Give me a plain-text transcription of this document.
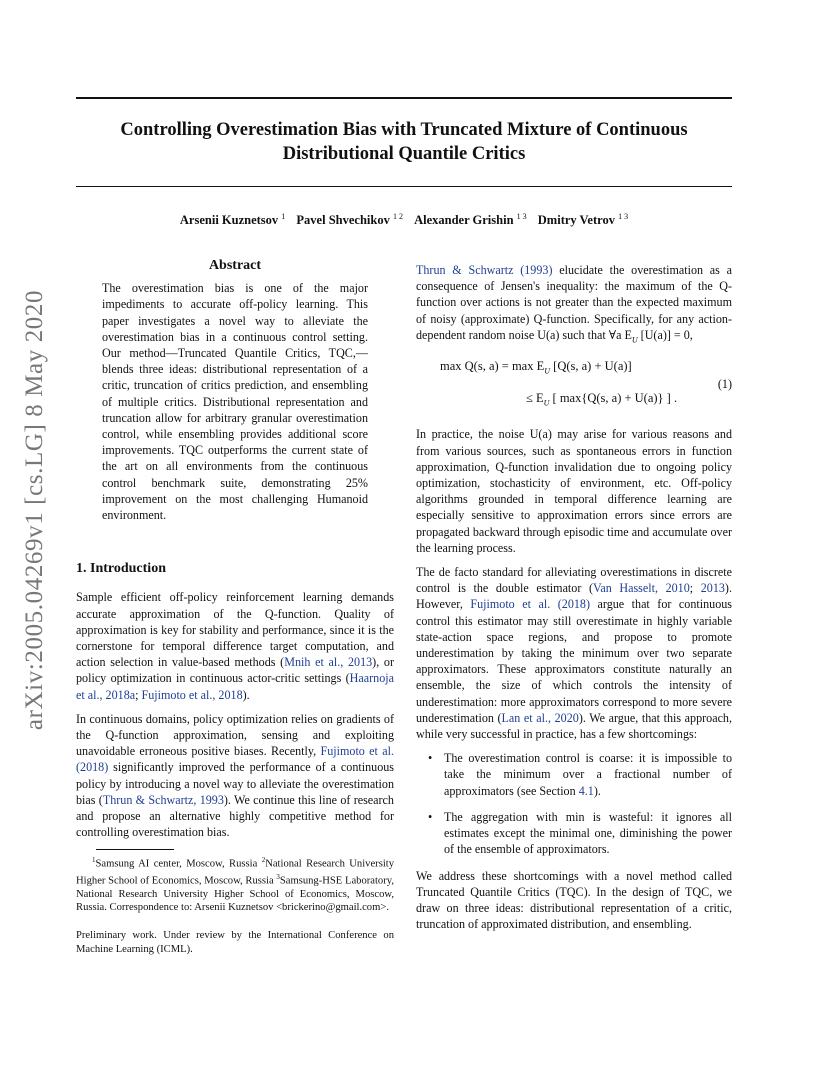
Controlling Overestimation Bias with Truncated Mixture of Continuous
Distributional Quantile Critics
Arsenii Kuznetsov $^1$ Pavel Shvechikov $^{1 2}$ Alexander Grishin $^{1 3}$ Dmitry Vetrov $^{1 3}$
arXiv:2005.04269v1 [cs.LG] 8 May 2020
Abstract

The overestimation bias is one of the major impediments to accurate off-policy learning. This paper investigates a novel way to alleviate the overestimation bias in a continuous control setting. Our method—Truncated Quantile Critics, TQC,—blends three ideas: distributional representation of a critic, truncation of critics prediction, and ensembling of multiple critics. Distributional representation and truncation allow for arbitrary granular overestimation control, while ensembling provides additional score improvements. TQC outperforms the current state of the art on all environments from the continuous control benchmark suite, demonstrating 25% improvement on the most challenging Humanoid environment.

1. Introduction

Sample efficient off-policy reinforcement learning demands accurate approximation of the Q-function. Quality of approximation is key for stability and performance, since it is the cornerstone for temporal difference target computation, and action selection in value-based methods (Mnih et al., 2013), or policy optimization in continuous actor-critic settings (Haarnoja et al., 2018a; Fujimoto et al., 2018).

In continuous domains, policy optimization relies on gradients of the Q-function approximation, sensing and exploiting unavoidable erroneous positive biases. Recently, Fujimoto et al. (2018) significantly improved the performance of a continuous policy by introducing a novel way to alleviate the overestimation bias (Thrun & Schwartz, 1993). We continue this line of research and propose an alternative highly competitive method for controlling overestimation bias.

$^1$Samsung AI center, Moscow, Russia $^2$National Research University Higher School of Economics, Moscow, Russia $^3$Samsung-HSE Laboratory, National Research University Higher School of Economics, Moscow, Russia. Correspondence to: Arsenii Kuznetsov <brickerino@gmail.com>.

Preliminary work. Under review by the International Conference on Machine Learning (ICML).

Thrun & Schwartz (1993) elucidate the overestimation as a consequence of Jensen's inequality: the maximum of the Q-function over actions is not greater than the expected maximum of noisy (approximate) Q-function. Specifically, for any action-dependent random noise U(a) such that ∀a $E_U$ [U(a)] = 0,

max Q(s, $a) = \max E_U$ [Q(s, a) + U(a)]
≤ $E_U$ [ max{Q(s, a) + U(a)} ] .
(1)

In practice, the noise U(a) may arise for various reasons and from various sources, such as spontaneous errors in function approximation, Q-function invalidation due to ongoing policy optimization, stochasticity of environment, etc. Off-policy algorithms grounded in temporal difference learning are especially sensitive to approximation errors since errors are propagated backward through episodic time and accumulate over the learning process.

The de facto standard for alleviating overestimations in discrete control is the double estimator (Van Hasselt, 2010; 2013). However, Fujimoto et al. (2018) argue that for continuous control this estimator may still overestimate in highly variable state-action space regions, and propose to promote underestimation by taking the minimum over two separate approximators. These approximators constitute naturally an ensemble, the size of which controls the intensity of underestimation: more approximators correspond to more severe underestimation (Lan et al., 2020). We argue, that this approach, while very successful in practice, has a few shortcomings:

• The overestimation control is coarse: it is impossible to take the minimum over a fractional number of approximators (see Section 4.1).
• The aggregation with min is wasteful: it ignores all estimates except the minimal one, diminishing the power of the ensemble of approximators.

We address these shortcomings with a novel method called Truncated Quantile Critics (TQC). In the design of TQC, we draw on three ideas: distributional representation of a critic, truncation of approximated distribution, and ensembling.
